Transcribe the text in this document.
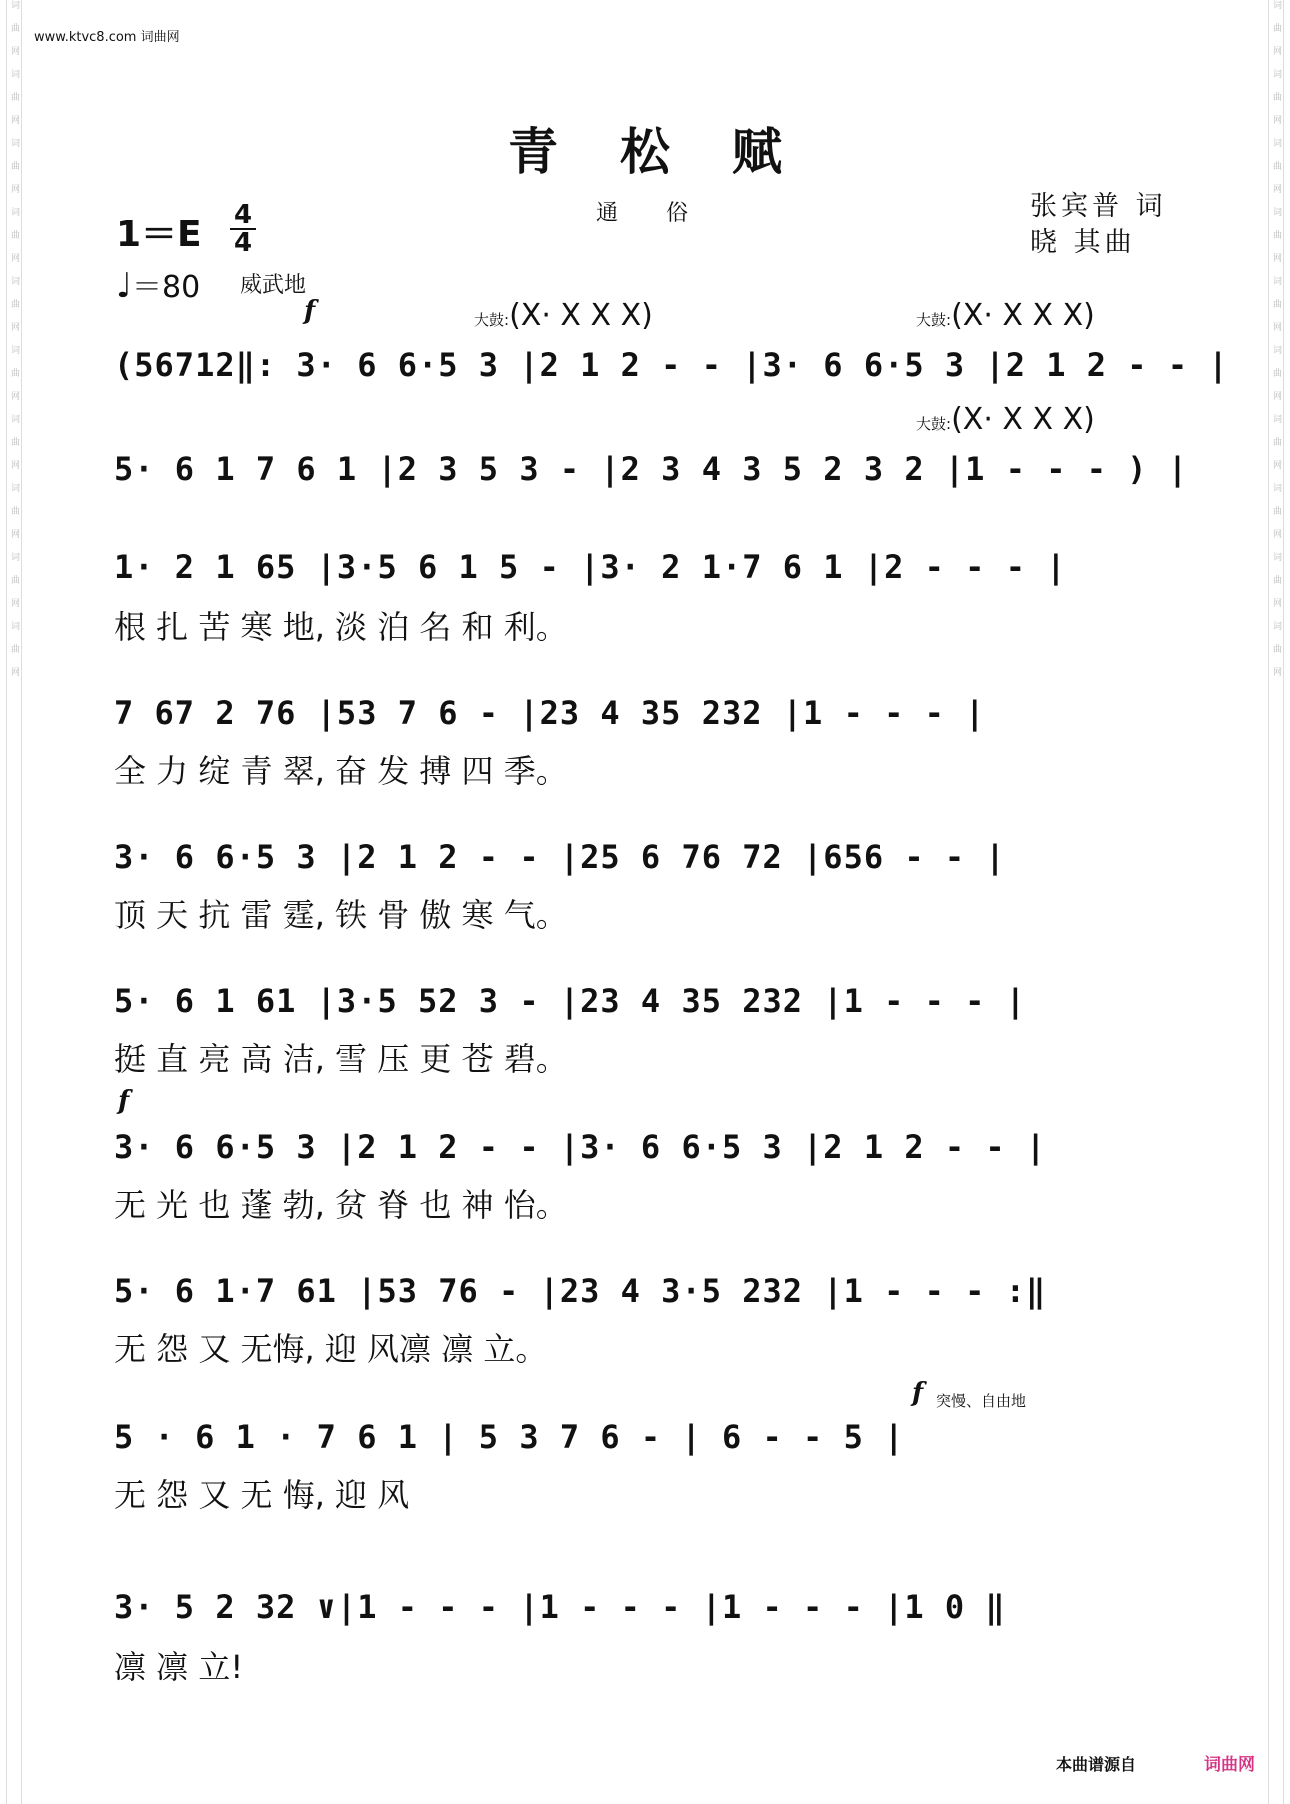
词曲网词曲网词曲网词曲网词曲网词曲网词曲网词曲网词曲网词曲网	词曲网词曲网词曲网词曲网词曲网词曲网词曲网词曲网词曲网词曲网
www.ktvc8.com 词曲网
青松赋
通俗	张宾普 词
晓 其曲
1＝E 4
4
♩＝80 威武地
f	大鼓:(X· X X X)	大鼓:(X· X X X)
大鼓:(X· X X X)
f
f 突慢、自由地
(56712‖: 3· 6 6·5 3 |2 1 2 - - |3· 6 6·5 3 |2 1 2 - - |
5· 6 1 7 6 1 |2 3 5 3 - |2 3 4 3 5 2 3 2 |1 - - - ) |
1· 2 1 65 |3·5 6 1 5 - |3· 2 1·7 6 1 |2 - - - |
根 扎 苦 寒 地, 淡 泊 名 和 利。
7 67 2 76 |53 7 6 - |23 4 35 232 |1 - - - |
全 力 绽 青 翠, 奋 发 搏 四 季。
3· 6 6·5 3 |2 1 2 - - |25 6 76 72 |656 - - |
顶 天 抗 雷 霆, 铁 骨 傲 寒 气。
5· 6 1 61 |3·5 52 3 - |23 4 35 232 |1 - - - |
挺 直 亮 高 洁, 雪 压 更 苍 碧。
3· 6 6·5 3 |2 1 2 - - |3· 6 6·5 3 |2 1 2 - - |
无 光 也 蓬 勃, 贫 脊 也 神 怡。
5· 6 1·7 61 |53 76 - |23 4 3·5 232 |1 - - - :‖
无 怨 又 无悔, 迎 风凛 凛 立。
5 · 6 1 · 7 6 1 | 5 3 7 6 - | 6 - - 5 |
无 怨 又 无 悔, 迎 风
3· 5 2 32 ∨|1 - - - |1 - - - |1 - - - |1 0 ‖
凛 凛 立!
本曲谱源自	词曲网
